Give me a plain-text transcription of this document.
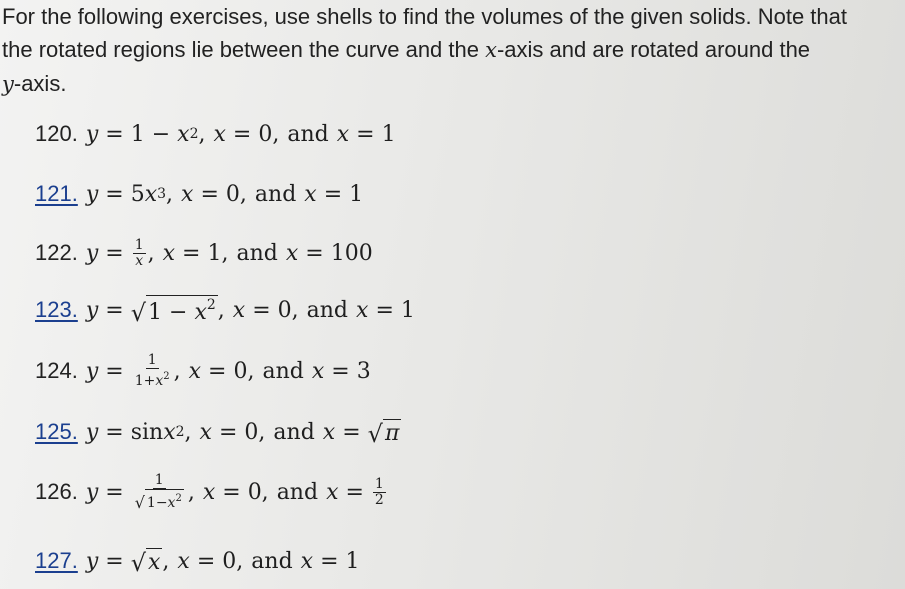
For the following exercises, use shells to find the volumes of the given solids. Note that
the rotated regions lie between the curve and the x-axis and are rotated around the
y-axis.
120. y = 1 − x 2 , x = 0, and x = 1
121. y = 5 x 3 , x = 0, and x = 1
122. $y = \frac{1}{x}$ , x = 1, and x = 100
123. y = √ $1 - x^2$ , x = 0, and x = 1
124. $y = \frac{1}{1+x^2}$ , x = 0, and x = 3
125. y = sin x 2 , x = 0, and x = √ π
126. $y = \frac{1}{√ 1-x^2}$ , x = 0, and $x = \frac{1}{2}$
127. y = √ x , x = 0, and x = 1
